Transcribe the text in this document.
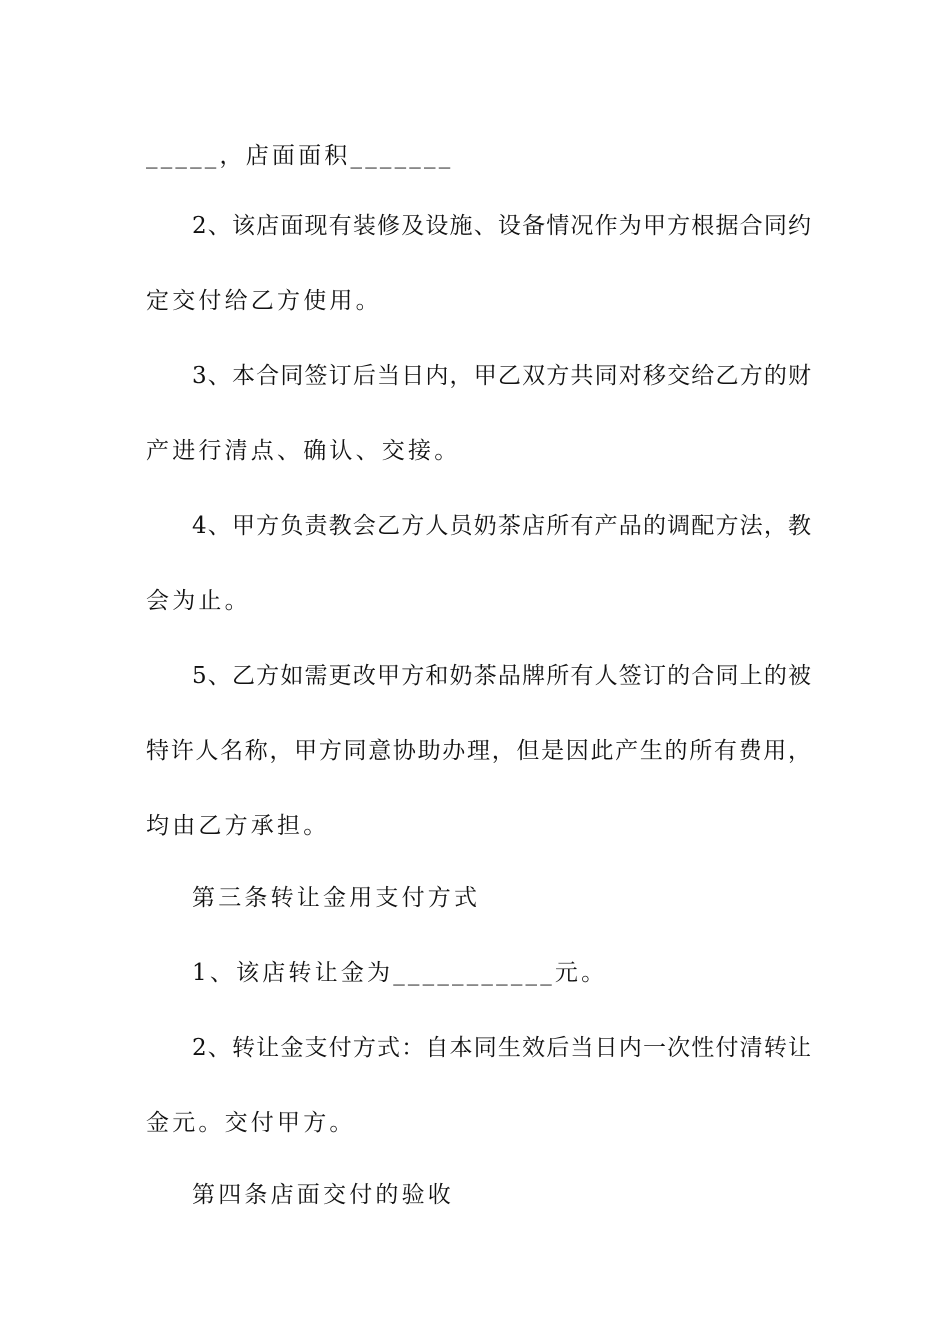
_____，店面面积_______
2、该店面现有装修及设施、设备情况作为甲方根据合同约
定交付给乙方使用。
3、本合同签订后当日内，甲乙双方共同对移交给乙方的财
产进行清点、确认、交接。
4、甲方负责教会乙方人员奶茶店所有产品的调配方法，教
会为止。
5、乙方如需更改甲方和奶茶品牌所有人签订的合同上的被
特许人名称，甲方同意协助办理，但是因此产生的所有费用，
均由乙方承担。
第三条转让金用支付方式
1、该店转让金为___________元。
2、转让金支付方式：自本同生效后当日内一次性付清转让
金元。交付甲方。
第四条店面交付的验收
